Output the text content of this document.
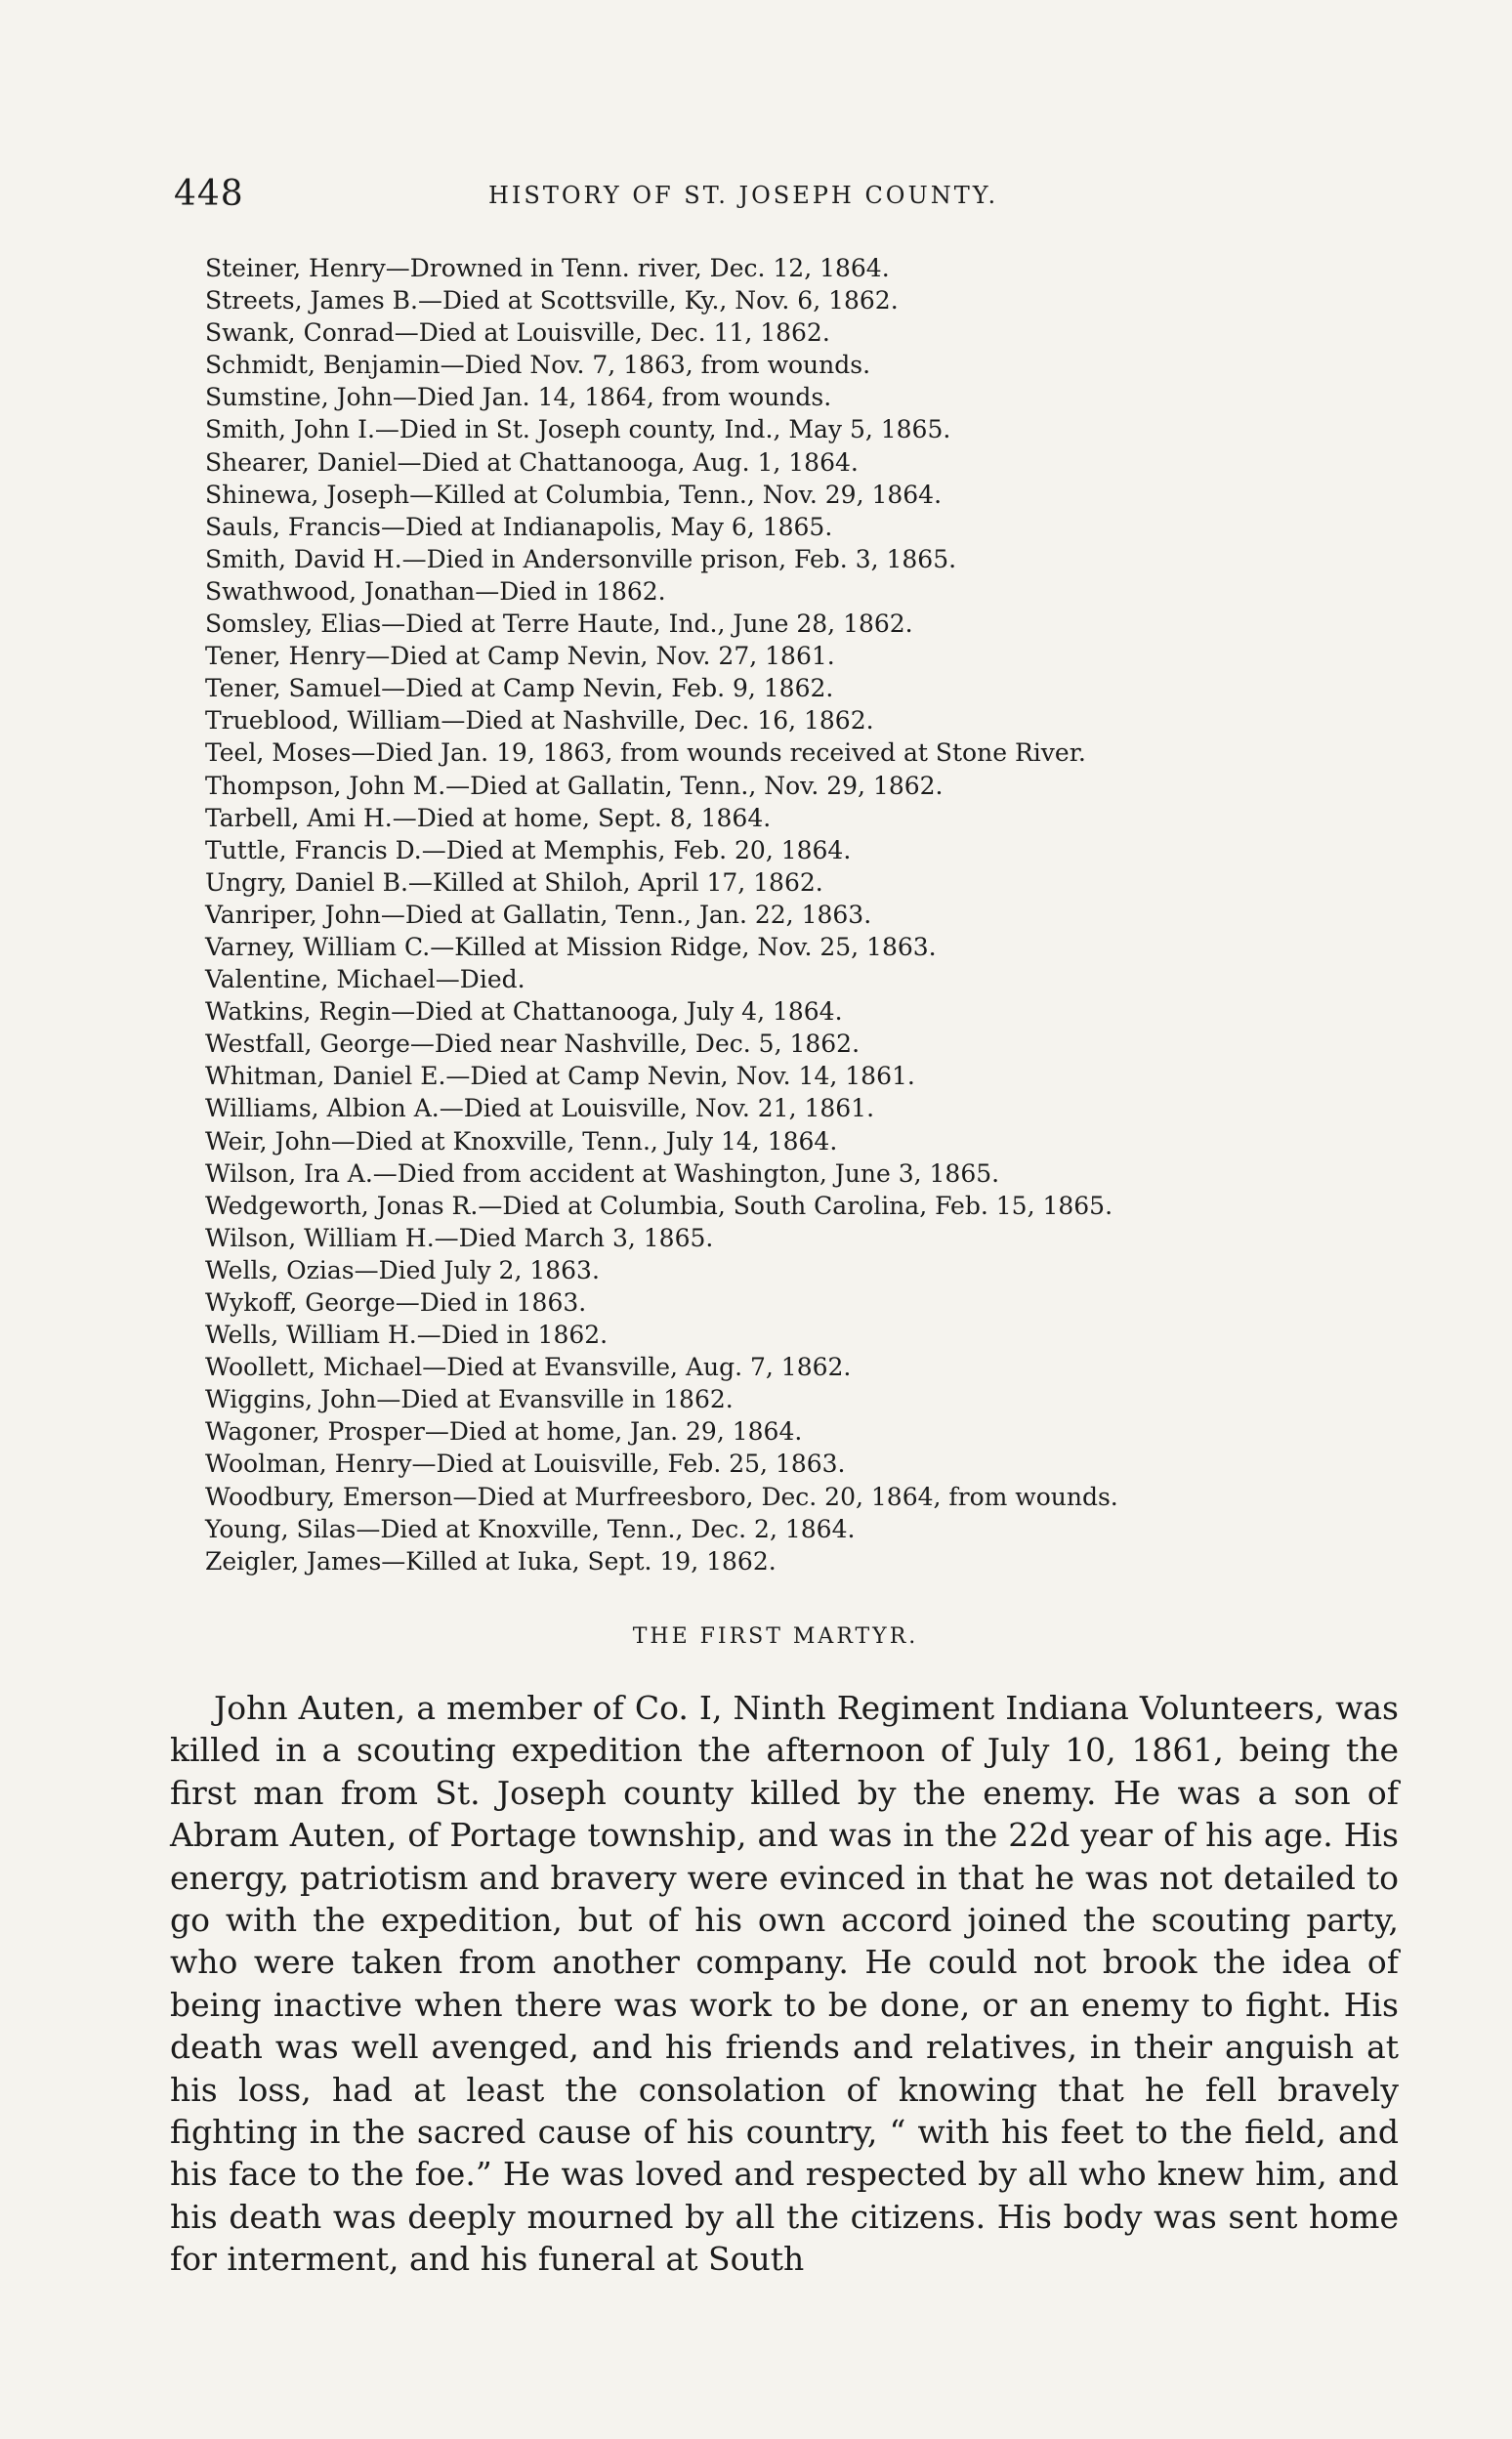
448	HISTORY OF ST. JOSEPH COUNTY.
Steiner, Henry—Drowned in Tenn. river, Dec. 12, 1864.
Streets, James B.—Died at Scottsville, Ky., Nov. 6, 1862.
Swank, Conrad—Died at Louisville, Dec. 11, 1862.
Schmidt, Benjamin—Died Nov. 7, 1863, from wounds.
Sumstine, John—Died Jan. 14, 1864, from wounds.
Smith, John I.—Died in St. Joseph county, Ind., May 5, 1865.
Shearer, Daniel—Died at Chattanooga, Aug. 1, 1864.
Shinewa, Joseph—Killed at Columbia, Tenn., Nov. 29, 1864.
Sauls, Francis—Died at Indianapolis, May 6, 1865.
Smith, David H.—Died in Andersonville prison, Feb. 3, 1865.
Swathwood, Jonathan—Died in 1862.
Somsley, Elias—Died at Terre Haute, Ind., June 28, 1862.
Tener, Henry—Died at Camp Nevin, Nov. 27, 1861.
Tener, Samuel—Died at Camp Nevin, Feb. 9, 1862.
Trueblood, William—Died at Nashville, Dec. 16, 1862.
Teel, Moses—Died Jan. 19, 1863, from wounds received at Stone River.
Thompson, John M.—Died at Gallatin, Tenn., Nov. 29, 1862.
Tarbell, Ami H.—Died at home, Sept. 8, 1864.
Tuttle, Francis D.—Died at Memphis, Feb. 20, 1864.
Ungry, Daniel B.—Killed at Shiloh, April 17, 1862.
Vanriper, John—Died at Gallatin, Tenn., Jan. 22, 1863.
Varney, William C.—Killed at Mission Ridge, Nov. 25, 1863.
Valentine, Michael—Died.
Watkins, Regin—Died at Chattanooga, July 4, 1864.
Westfall, George—Died near Nashville, Dec. 5, 1862.
Whitman, Daniel E.—Died at Camp Nevin, Nov. 14, 1861.
Williams, Albion A.—Died at Louisville, Nov. 21, 1861.
Weir, John—Died at Knoxville, Tenn., July 14, 1864.
Wilson, Ira A.—Died from accident at Washington, June 3, 1865.
Wedgeworth, Jonas R.—Died at Columbia, South Carolina, Feb. 15, 1865.
Wilson, William H.—Died March 3, 1865.
Wells, Ozias—Died July 2, 1863.
Wykoff, George—Died in 1863.
Wells, William H.—Died in 1862.
Woollett, Michael—Died at Evansville, Aug. 7, 1862.
Wiggins, John—Died at Evansville in 1862.
Wagoner, Prosper—Died at home, Jan. 29, 1864.
Woolman, Henry—Died at Louisville, Feb. 25, 1863.
Woodbury, Emerson—Died at Murfreesboro, Dec. 20, 1864, from wounds.
Young, Silas—Died at Knoxville, Tenn., Dec. 2, 1864.
Zeigler, James—Killed at Iuka, Sept. 19, 1862.
THE FIRST MARTYR.

John Auten, a member of Co. I, Ninth Regiment Indiana Volunteers, was killed in a scouting expedition the afternoon of July 10, 1861, being the first man from St. Joseph county killed by the enemy. He was a son of Abram Auten, of Portage township, and was in the 22d year of his age. His energy, patriotism and bravery were evinced in that he was not detailed to go with the expedition, but of his own accord joined the scouting party, who were taken from another company. He could not brook the idea of being inactive when there was work to be done, or an enemy to fight. His death was well avenged, and his friends and relatives, in their anguish at his loss, had at least the consolation of knowing that he fell bravely fighting in the sacred cause of his country, “ with his feet to the field, and his face to the foe.” He was loved and respected by all who knew him, and his death was deeply mourned by all the citizens. His body was sent home for interment, and his funeral at South
